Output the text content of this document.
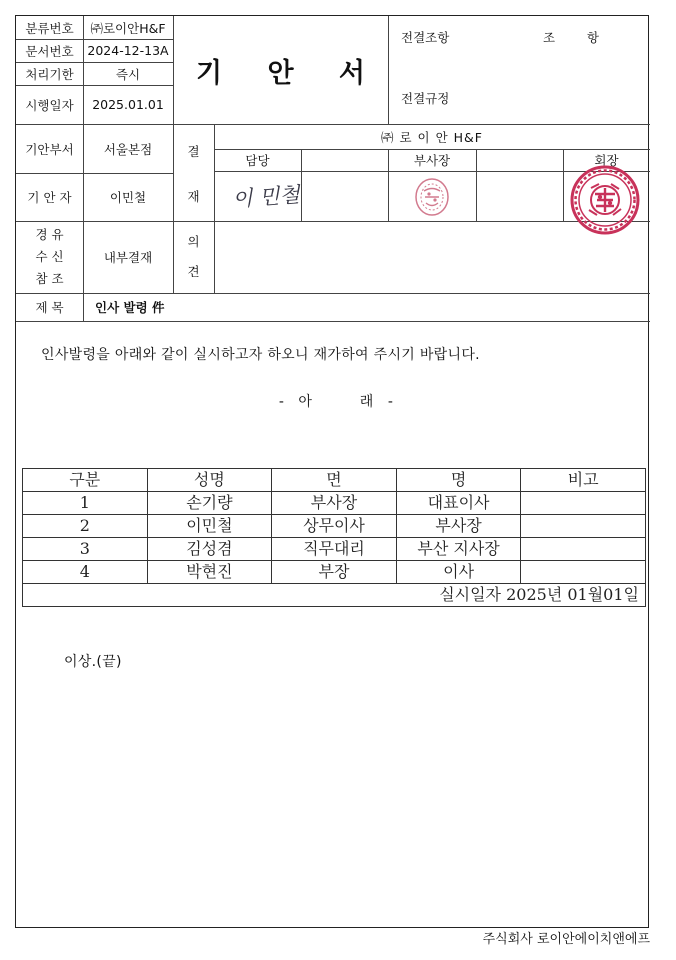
분류번호	㈜로이안H&F
문서번호	2024-12-13A
처리기한	즉시
시행일자	2025.01.01
기 안 서
전결조항	조        항
전결규정
기안부서	서울본점
기 안 자	이민철
경 유
수 신
참 조
내부결재
결
재
의
견
㈜ 로 이 안 H&F
담당	부사장	회장
이 민철
제 목	인사 발령 件
인사발령을 아래와 같이 실시하고자 하오니 재가하여 주시기 바랍니다.
-   아          래   -
구분	성명	면	명	비고
1	손기량	부사장	대표이사	
2	이민철	상무이사	부사장	
3	김성겸	직무대리	부산 지사장	
4	박현진	부장	이사	
실시일자 2025년 01월01일				
이상.(끝)
주식회사 로이안에이치앤에프
